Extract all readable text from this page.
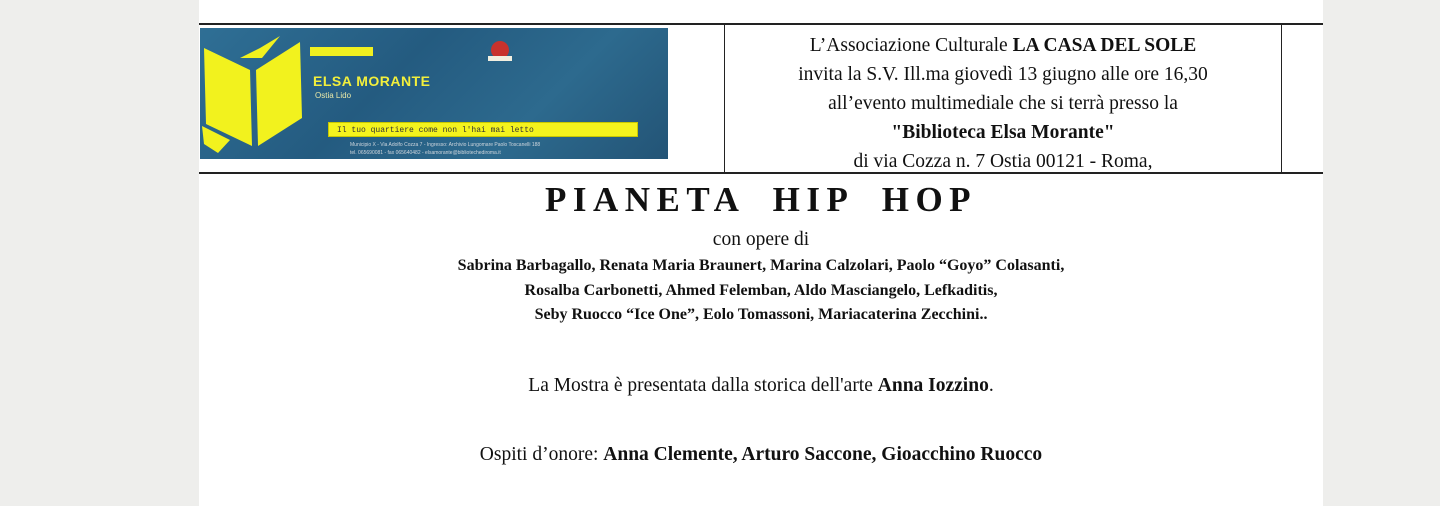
ELSA MORANTE
Ostia Lido
Il tuo quartiere come non l'hai mai letto
Municipio X - Via Adolfo Cozza 7 - Ingresso: Archivio Lungomare Paolo Toscanelli 188
tel. 065690081 - fax 065640482 - elsamorante@bibliotechediroma.it
L’Associazione Culturale LA CASA DEL SOLE
invita la S.V. Ill.ma giovedì 13 giugno alle ore 16,30
all’evento multimediale che si terrà presso la
"Biblioteca Elsa Morante"
di via Cozza n. 7 Ostia 00121 - Roma,
PIANETA HIP HOP
con opere di
Sabrina Barbagallo, Renata Maria Braunert, Marina Calzolari, Paolo “Goyo” Colasanti,
Rosalba Carbonetti, Ahmed Felemban, Aldo Masciangelo, Lefkaditis,
Seby Ruocco “Ice One”, Eolo Tomassoni, Mariacaterina Zecchini..
La Mostra è presentata dalla storica dell'arte Anna Iozzino.
Ospiti d’onore: Anna Clemente, Arturo Saccone, Gioacchino Ruocco
